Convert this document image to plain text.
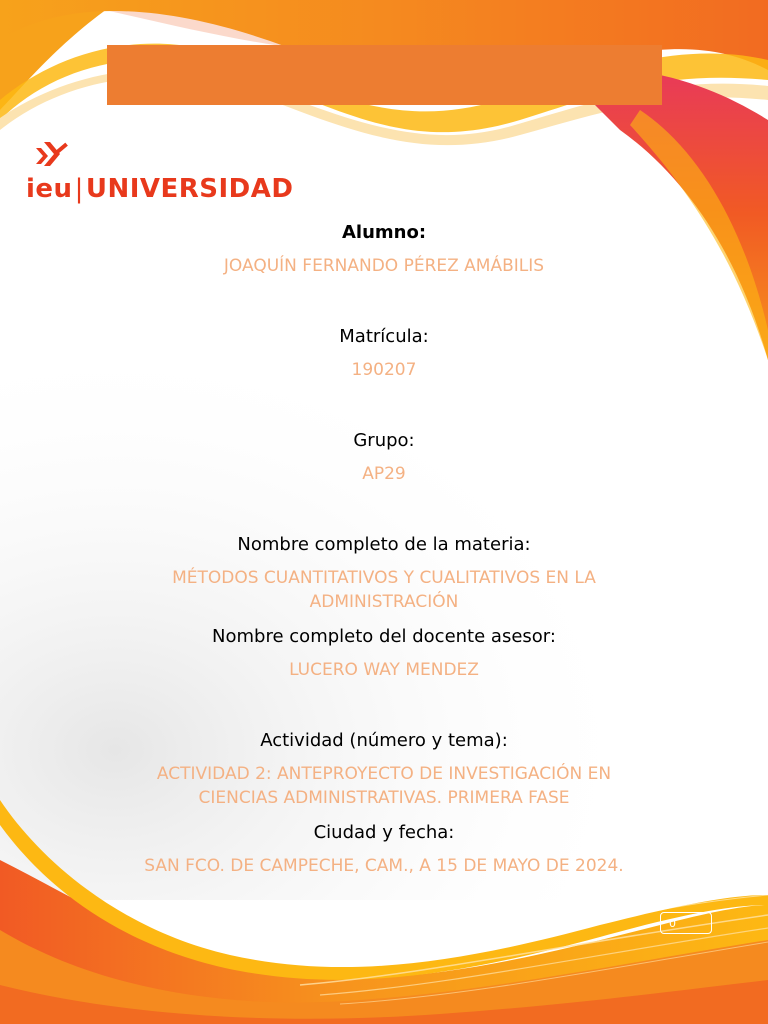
ieu|UNIVERSIDAD

Alumno:

JOAQUÍN FERNANDO PÉREZ AMÁBILIS

Matrícula:

190207

Grupo:

AP29

Nombre completo de la materia:

MÉTODOS CUANTITATIVOS Y CUALITATIVOS EN LA

ADMINISTRACIÓN

Nombre completo del docente asesor:

LUCERO WAY MENDEZ

Actividad (número y tema):

ACTIVIDAD 2: ANTEPROYECTO DE INVESTIGACIÓN EN

CIENCIAS ADMINISTRATIVAS. PRIMERA FASE

Ciudad y fecha:

SAN FCO. DE CAMPECHE, CAM., A 15 DE MAYO DE 2024.

0
